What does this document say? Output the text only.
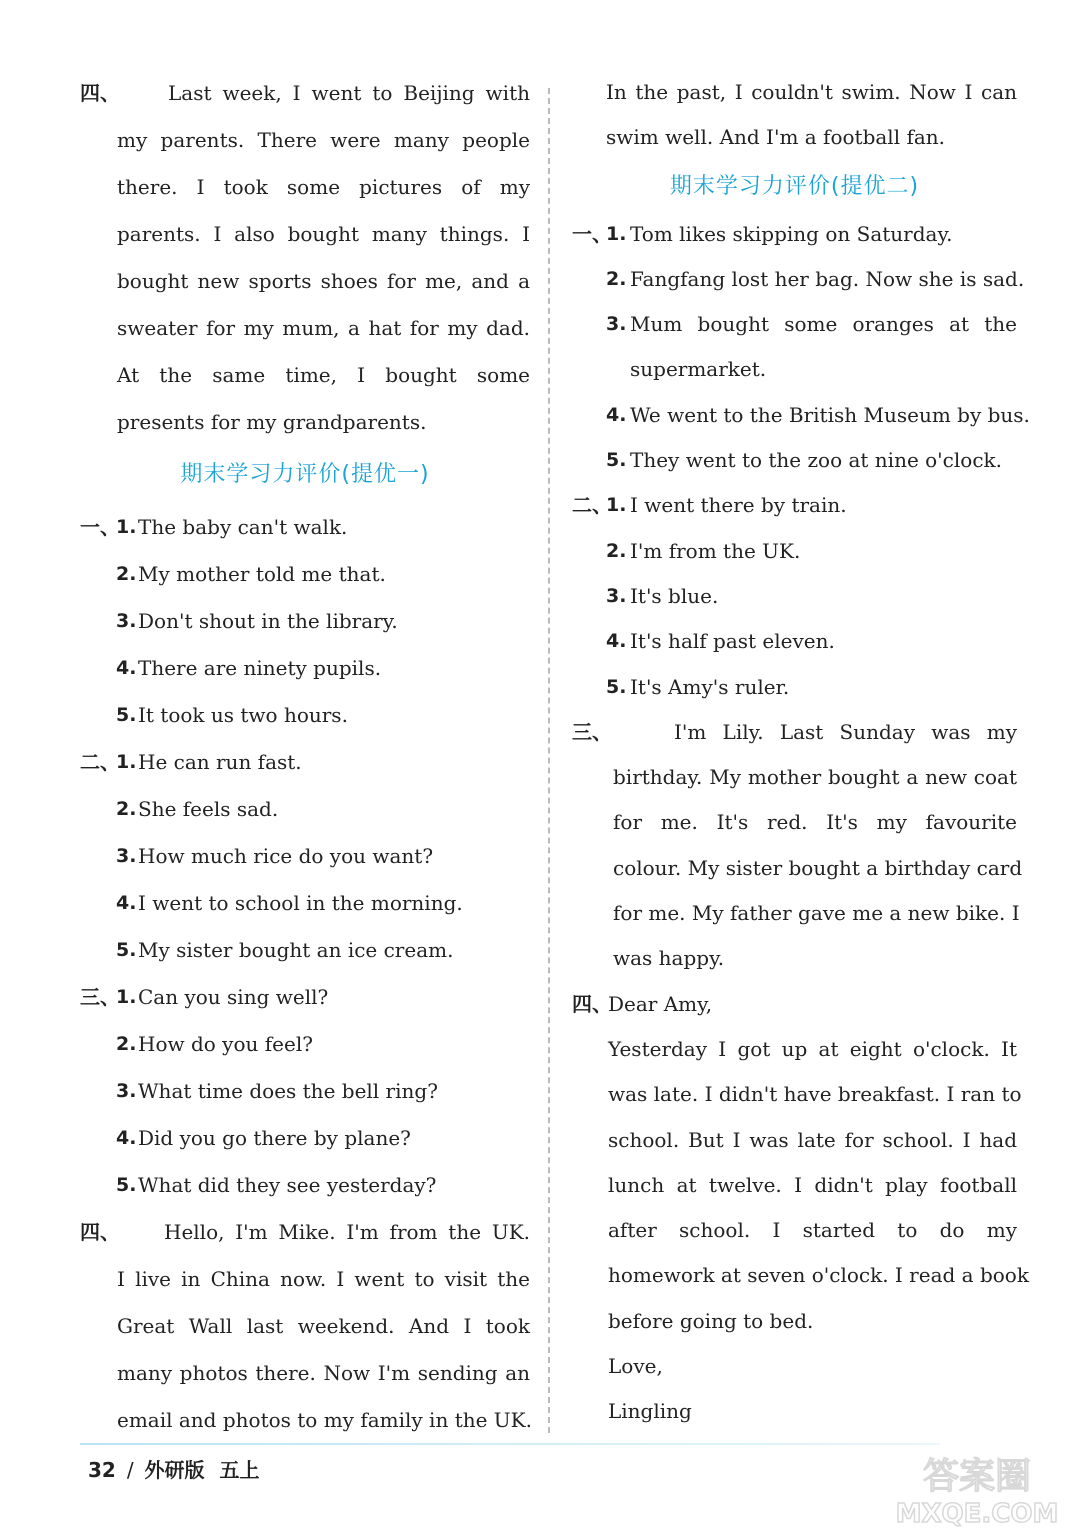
四、 Last week, I went to Beijing with
my parents. There were many people
there. I took some pictures of my
parents. I also bought many things. I
bought new sports shoes for me, and a
sweater for my mum, a hat for my dad.
At the same time, I bought some
presents for my grandparents.
期末学习力评价(提优一)
一、
1. The baby can't walk.
2. My mother told me that.
3. Don't shout in the library.
4. There are ninety pupils.
5. It took us two hours.
二、
1. He can run fast.
2. She feels sad.
3. How much rice do you want?
4. I went to school in the morning.
5. My sister bought an ice cream.
三、
1. Can you sing well?
2. How do you feel?
3. What time does the bell ring?
4. Did you go there by plane?
5. What did they see yesterday?
四、 Hello, I'm Mike. I'm from the UK.
I live in China now. I went to visit the
Great Wall last weekend. And I took
many photos there. Now I'm sending an
email and photos to my family in the UK.
In the past, I couldn't swim. Now I can
swim well. And I'm a football fan.
期末学习力评价(提优二)
一、
1. Tom likes skipping on Saturday.
2. Fangfang lost her bag. Now she is sad.
3. Mum bought some oranges at the
supermarket.
4. We went to the British Museum by bus.
5. They went to the zoo at nine o'clock.
二、
1. I went there by train.
2. I'm from the UK.
3. It's blue.
4. It's half past eleven.
5. It's Amy's ruler.
三、	I'm Lily. Last Sunday was my
birthday. My mother bought a new coat
for me. It's red. It's my favourite
colour. My sister bought a birthday card
for me. My father gave me a new bike. I
was happy.
四、
Dear Amy,
Yesterday I got up at eight o'clock. It
was late. I didn't have breakfast. I ran to
school. But I was late for school. I had
lunch at twelve. I didn't play football
after school. I started to do my
homework at seven o'clock. I read a book
before going to bed.
Love,
Lingling
32 / 外研版 五上	答案圈
MXQE.COM
